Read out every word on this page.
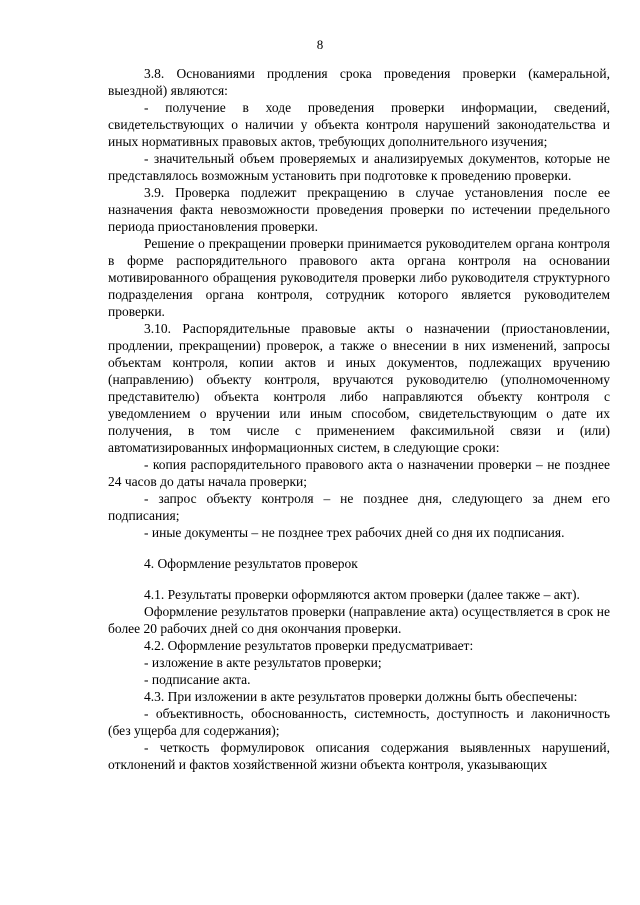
8

3.8. Основаниями продления срока проведения проверки (камеральной, выездной) являются:

- получение в ходе проведения проверки информации, сведений, свидетельствующих о наличии у объекта контроля нарушений законодательства и иных нормативных правовых актов, требующих дополнительного изучения;

- значительный объем проверяемых и анализируемых документов, которые не представлялось возможным установить при подготовке к проведению проверки.

3.9. Проверка подлежит прекращению в случае установления после ее назначения факта невозможности проведения проверки по истечении предельного периода приостановления проверки.

Решение о прекращении проверки принимается руководителем органа контроля в форме распорядительного правового акта органа контроля на основании мотивированного обращения руководителя проверки либо руководителя структурного подразделения органа контроля, сотрудник которого является руководителем проверки.

3.10. Распорядительные правовые акты о назначении (приостановлении, продлении, прекращении) проверок, а также о внесении в них изменений, запросы объектам контроля, копии актов и иных документов, подлежащих вручению (направлению) объекту контроля, вручаются руководителю (уполномоченному представителю) объекта контроля либо направляются объекту контроля с уведомлением о вручении или иным способом, свидетельствующим о дате их получения, в том числе с применением факсимильной связи и (или) автоматизированных информационных систем, в следующие сроки:

- копия распорядительного правового акта о назначении проверки – не позднее 24 часов до даты начала проверки;

- запрос объекту контроля – не позднее дня, следующего за днем его подписания;

- иные документы – не позднее трех рабочих дней со дня их подписания.

4. Оформление результатов проверок

4.1. Результаты проверки оформляются актом проверки (далее также – акт).

Оформление результатов проверки (направление акта) осуществляется в срок не более 20 рабочих дней со дня окончания проверки.

4.2. Оформление результатов проверки предусматривает:

- изложение в акте результатов проверки;

- подписание акта.

4.3. При изложении в акте результатов проверки должны быть обеспечены:

- объективность, обоснованность, системность, доступность и лаконичность (без ущерба для содержания);

- четкость формулировок описания содержания выявленных нарушений, отклонений и фактов хозяйственной жизни объекта контроля, указывающих
